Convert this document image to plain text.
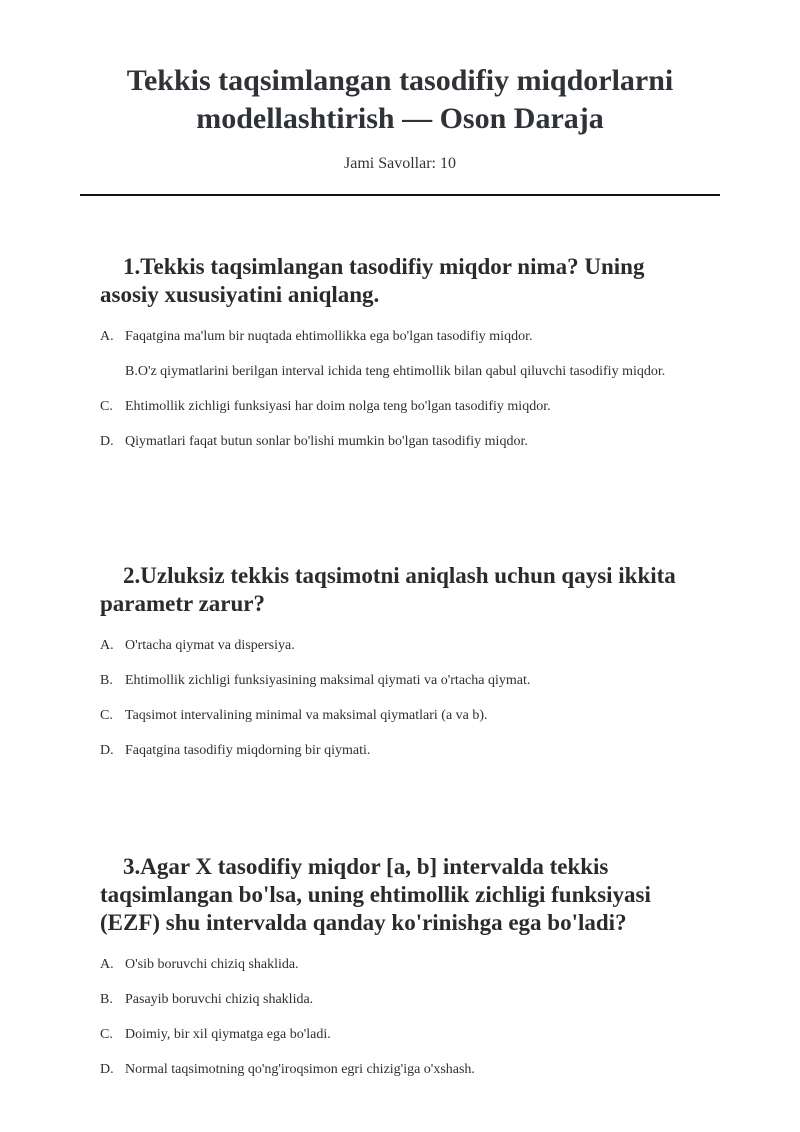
Tekkis taqsimlangan tasodifiy miqdorlarni modellashtirish — Oson Daraja
Jami Savollar: 10

1.Tekkis taqsimlangan tasodifiy miqdor nima? Uning asosiy xususiyatini aniqlang.

A. Faqatgina ma'lum bir nuqtada ehtimollikka ega bo'lgan tasodifiy miqdor.
B.O'z qiymatlarini berilgan interval ichida teng ehtimollik bilan qabul qiluvchi tasodifiy miqdor.
C. Ehtimollik zichligi funksiyasi har doim nolga teng bo'lgan tasodifiy miqdor.
D. Qiymatlari faqat butun sonlar bo'lishi mumkin bo'lgan tasodifiy miqdor.

2.Uzluksiz tekkis taqsimotni aniqlash uchun qaysi ikkita parametr zarur?

A. O'rtacha qiymat va dispersiya.
B. Ehtimollik zichligi funksiyasining maksimal qiymati va o'rtacha qiymat.
C. Taqsimot intervalining minimal va maksimal qiymatlari (a va b).
D. Faqatgina tasodifiy miqdorning bir qiymati.

3.Agar X tasodifiy miqdor [a, b] intervalda tekkis taqsimlangan bo'lsa, uning ehtimollik zichligi funksiyasi (EZF) shu intervalda qanday ko'rinishga ega bo'ladi?

A. O'sib boruvchi chiziq shaklida.
B. Pasayib boruvchi chiziq shaklida.
C. Doimiy, bir xil qiymatga ega bo'ladi.
D. Normal taqsimotning qo'ng'iroqsimon egri chizig'iga o'xshash.
